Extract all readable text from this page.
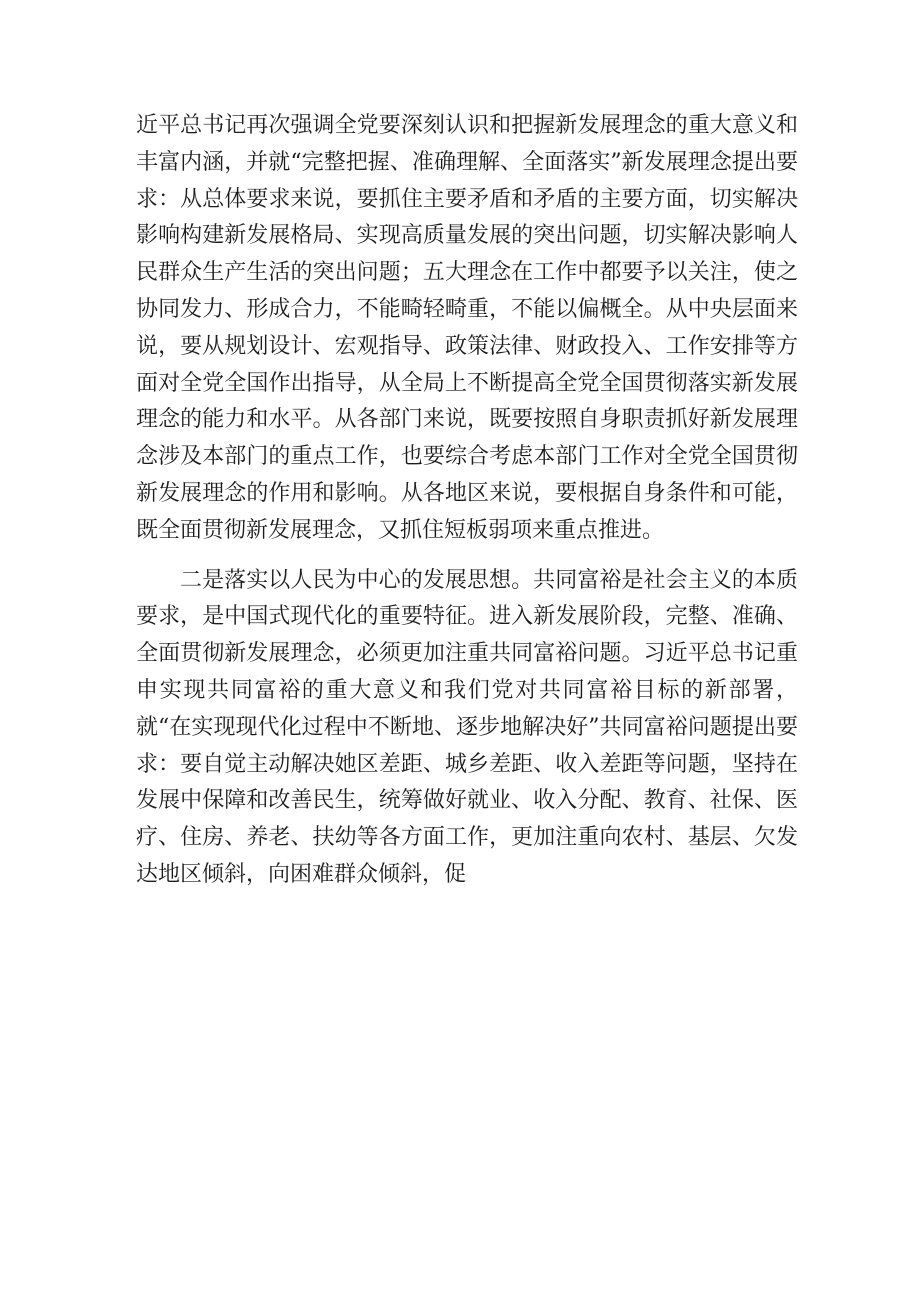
近平总书记再次强调全党要深刻认识和把握新发展理念的重大意义和丰富内涵，并就“完整把握、准确理解、全面落实”新发展理念提出要求：从总体要求来说，要抓住主要矛盾和矛盾的主要方面，切实解决影响构建新发展格局、实现高质量发展的突出问题，切实解决影响人民群众生产生活的突出问题；五大理念在工作中都要予以关注，使之协同发力、形成合力，不能畸轻畸重，不能以偏概全。从中央层面来说，要从规划设计、宏观指导、政策法律、财政投入、工作安排等方面对全党全国作出指导，从全局上不断提高全党全国贯彻落实新发展理念的能力和水平。从各部门来说，既要按照自身职责抓好新发展理念涉及本部门的重点工作，也要综合考虑本部门工作对全党全国贯彻新发展理念的作用和影响。从各地区来说，要根据自身条件和可能，既全面贯彻新发展理念，又抓住短板弱项来重点推进。

二是落实以人民为中心的发展思想。共同富裕是社会主义的本质要求，是中国式现代化的重要特征。进入新发展阶段，完整、准确、全面贯彻新发展理念，必须更加注重共同富裕问题。习近平总书记重申实现共同富裕的重大意义和我们党对共同富裕目标的新部署，就“在实现现代化过程中不断地、逐步地解决好”共同富裕问题提出要求：要自觉主动解决她区差距、城乡差距、收入差距等问题，坚持在发展中保障和改善民生，统筹做好就业、收入分配、教育、社保、医疗、住房、养老、扶幼等各方面工作，更加注重向农村、基层、欠发达地区倾斜，向困难群众倾斜，促
